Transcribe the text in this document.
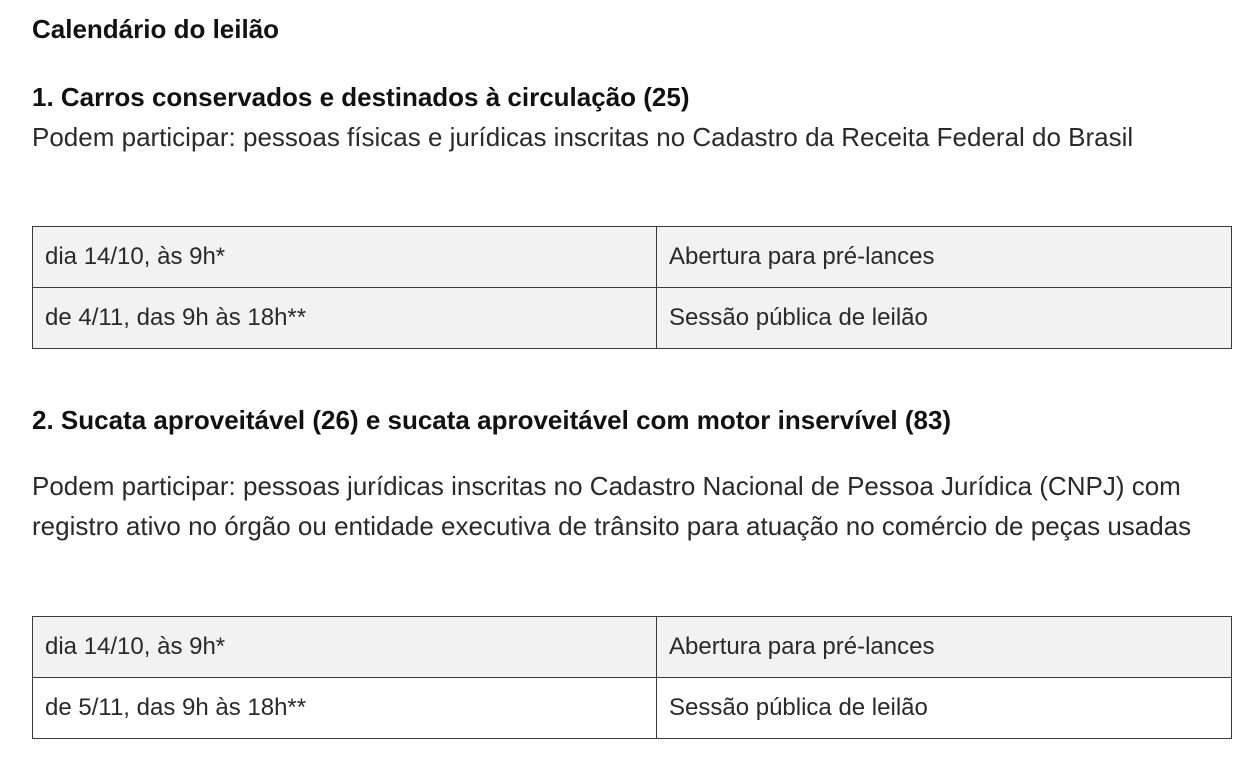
Calendário do leilão
1. Carros conservados e destinados à circulação (25)

Podem participar: pessoas físicas e jurídicas inscritas no Cadastro da Receita Federal do Brasil

dia 14/10, às 9h*	Abertura para pré-lances
de 4/11, das 9h às 18h**	Sessão pública de leilão
2. Sucata aproveitável (26) e sucata aproveitável com motor inservível (83)

Podem participar: pessoas jurídicas inscritas no Cadastro Nacional de Pessoa Jurídica (CNPJ) com registro ativo no órgão ou entidade executiva de trânsito para atuação no comércio de peças usadas

dia 14/10, às 9h*	Abertura para pré-lances
de 5/11, das 9h às 18h**	Sessão pública de leilão
